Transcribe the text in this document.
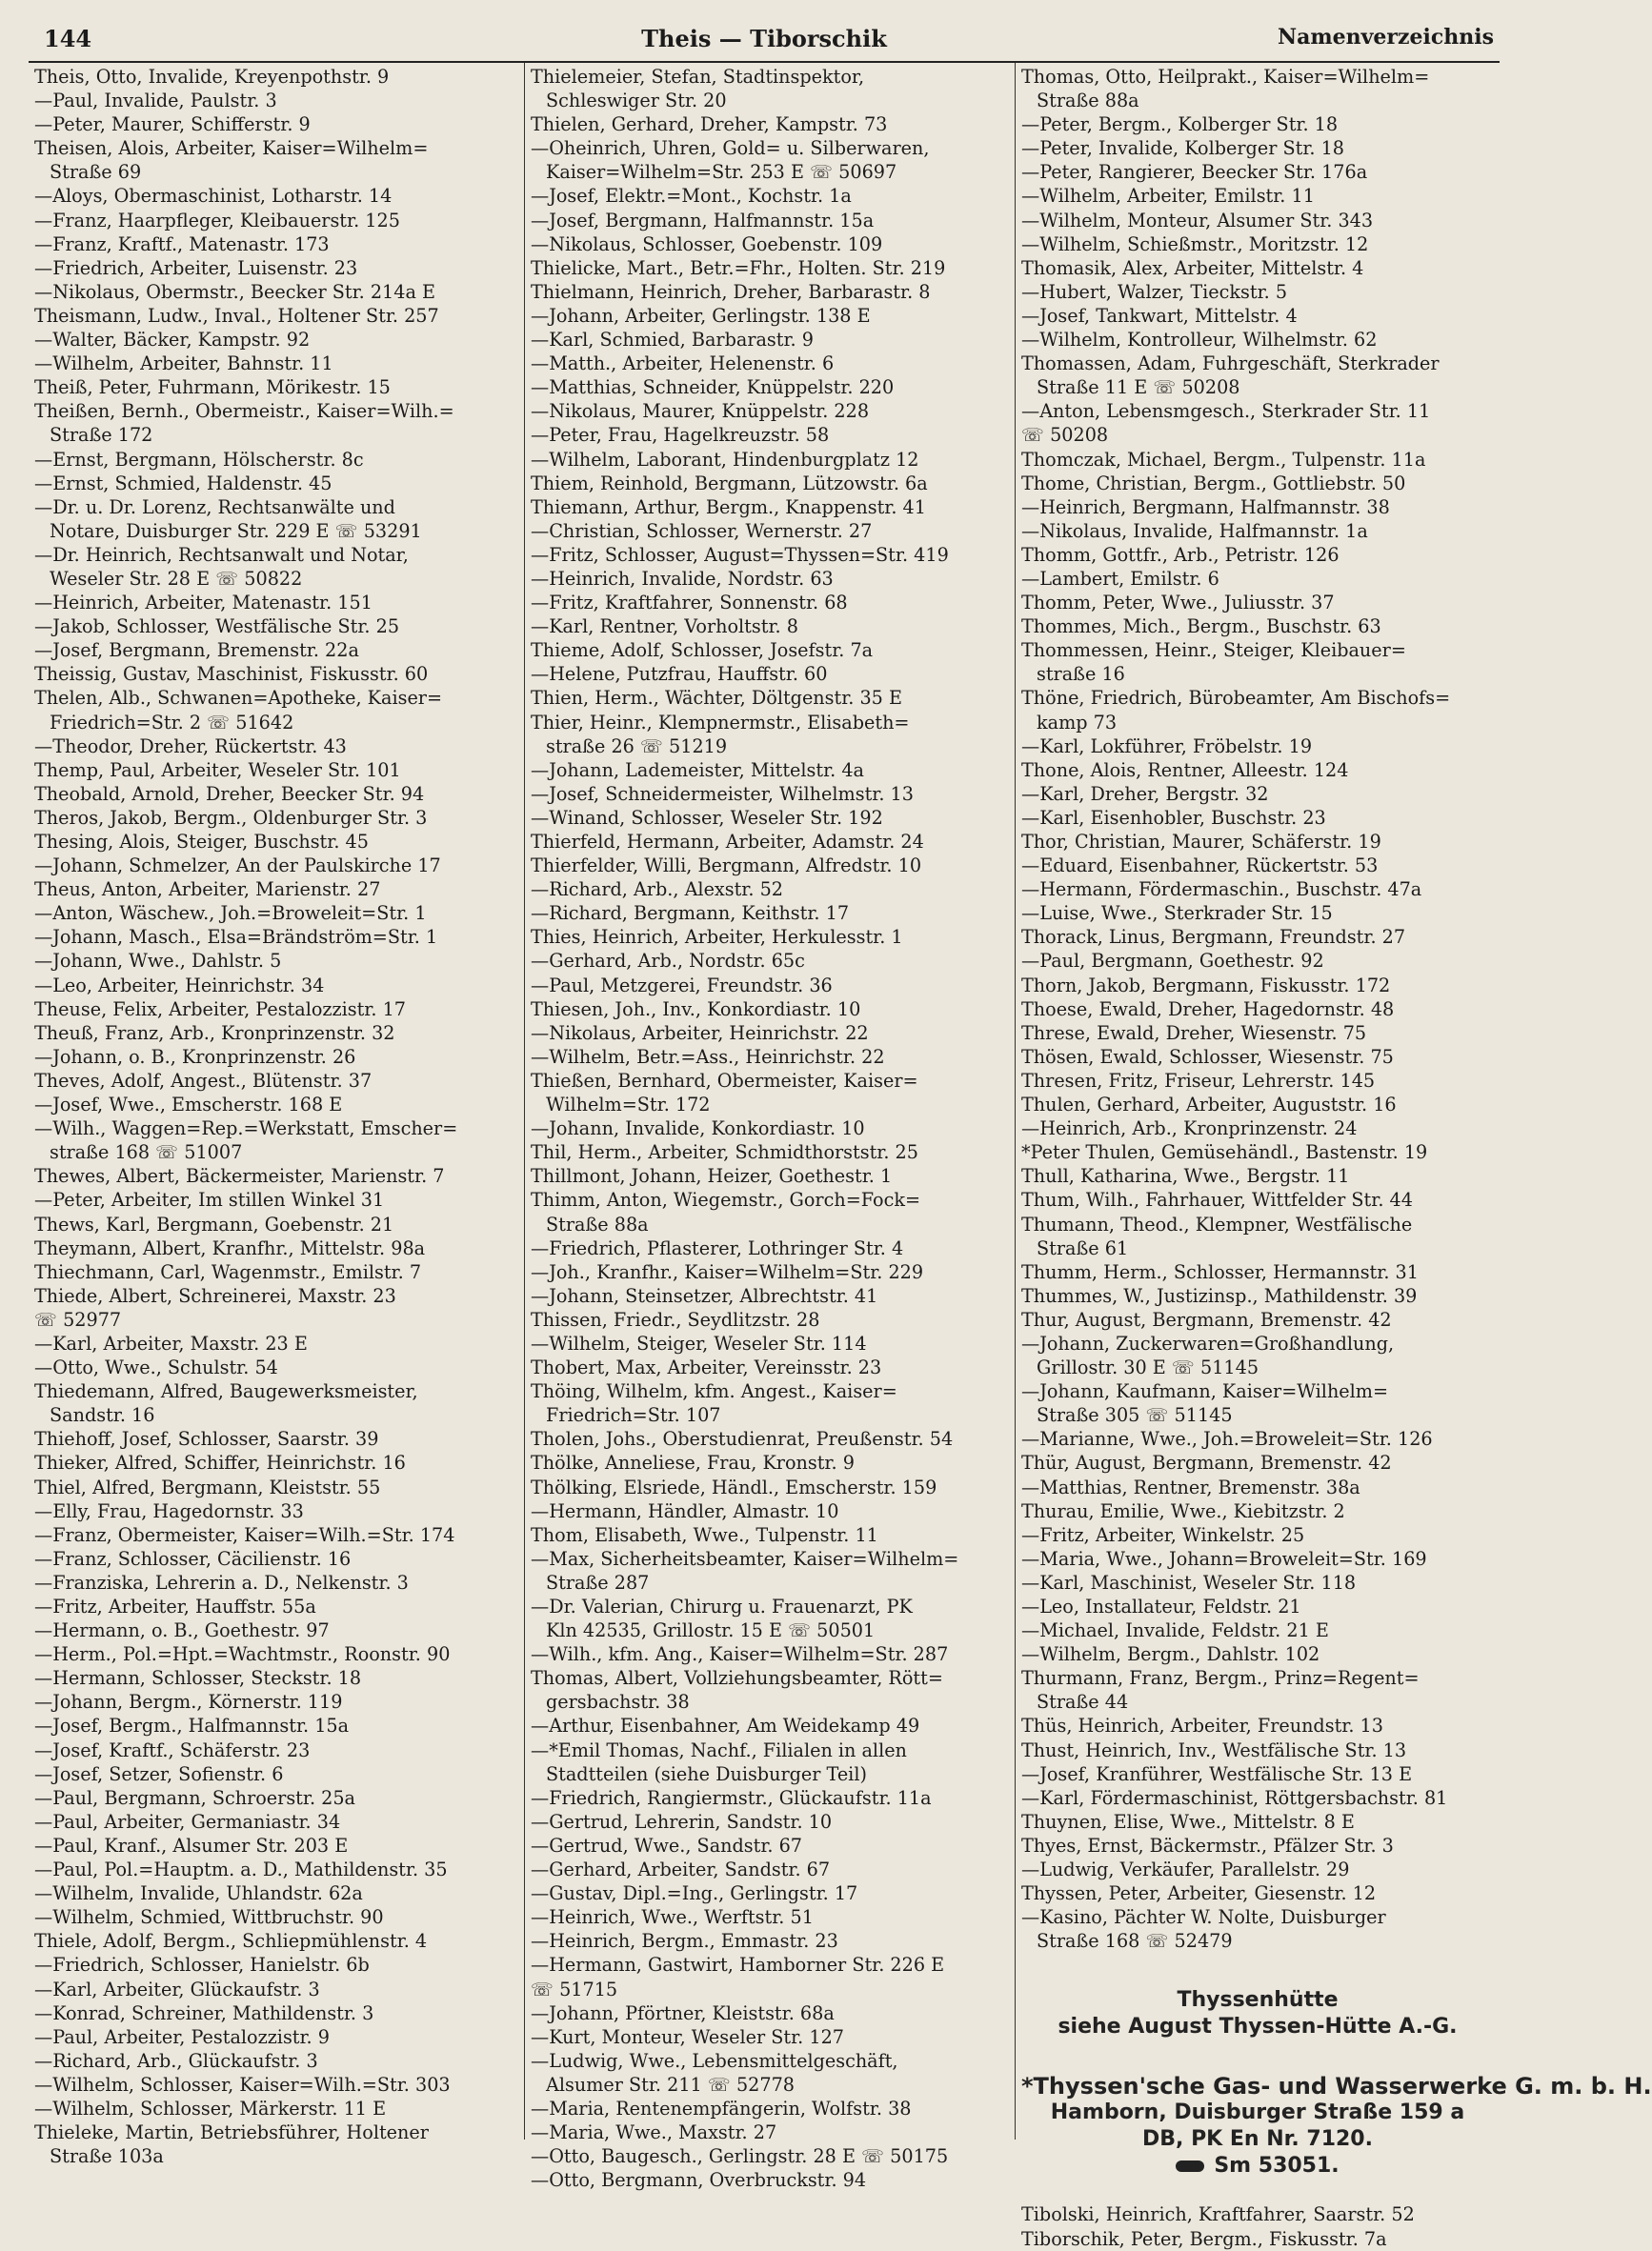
144	Theis — Tiborschik	Namenverzeichnis
Theis, Otto, Invalide, Kreyenpothstr. 9
—Paul, Invalide, Paulstr. 3
—Peter, Maurer, Schifferstr. 9
Theisen, Alois, Arbeiter, Kaiser=Wilhelm=
Straße 69
—Aloys, Obermaschinist, Lotharstr. 14
—Franz, Haarpfleger, Kleibauerstr. 125
—Franz, Kraftf., Matenastr. 173
—Friedrich, Arbeiter, Luisenstr. 23
—Nikolaus, Obermstr., Beecker Str. 214a E
Theismann, Ludw., Inval., Holtener Str. 257
—Walter, Bäcker, Kampstr. 92
—Wilhelm, Arbeiter, Bahnstr. 11
Theiß, Peter, Fuhrmann, Mörikestr. 15
Theißen, Bernh., Obermeistr., Kaiser=Wilh.=
Straße 172
—Ernst, Bergmann, Hölscherstr. 8c
—Ernst, Schmied, Haldenstr. 45
—Dr. u. Dr. Lorenz, Rechtsanwälte und
Notare, Duisburger Str. 229 E ☏ 53291
—Dr. Heinrich, Rechtsanwalt und Notar,
Weseler Str. 28 E ☏ 50822
—Heinrich, Arbeiter, Matenastr. 151
—Jakob, Schlosser, Westfälische Str. 25
—Josef, Bergmann, Bremenstr. 22a
Theissig, Gustav, Maschinist, Fiskusstr. 60
Thelen, Alb., Schwanen=Apotheke, Kaiser=
Friedrich=Str. 2 ☏ 51642
—Theodor, Dreher, Rückertstr. 43
Themp, Paul, Arbeiter, Weseler Str. 101
Theobald, Arnold, Dreher, Beecker Str. 94
Theros, Jakob, Bergm., Oldenburger Str. 3
Thesing, Alois, Steiger, Buschstr. 45
—Johann, Schmelzer, An der Paulskirche 17
Theus, Anton, Arbeiter, Marienstr. 27
—Anton, Wäschew., Joh.=Broweleit=Str. 1
—Johann, Masch., Elsa=Brändström=Str. 1
—Johann, Wwe., Dahlstr. 5
—Leo, Arbeiter, Heinrichstr. 34
Theuse, Felix, Arbeiter, Pestalozzistr. 17
Theuß, Franz, Arb., Kronprinzenstr. 32
—Johann, o. B., Kronprinzenstr. 26
Theves, Adolf, Angest., Blütenstr. 37
—Josef, Wwe., Emscherstr. 168 E
—Wilh., Waggen=Rep.=Werkstatt, Emscher=
straße 168 ☏ 51007
Thewes, Albert, Bäckermeister, Marienstr. 7
—Peter, Arbeiter, Im stillen Winkel 31
Thews, Karl, Bergmann, Goebenstr. 21
Theymann, Albert, Kranfhr., Mittelstr. 98a
Thiechmann, Carl, Wagenmstr., Emilstr. 7
Thiede, Albert, Schreinerei, Maxstr. 23
☏ 52977
—Karl, Arbeiter, Maxstr. 23 E
—Otto, Wwe., Schulstr. 54
Thiedemann, Alfred, Baugewerksmeister,
Sandstr. 16
Thiehoff, Josef, Schlosser, Saarstr. 39
Thieker, Alfred, Schiffer, Heinrichstr. 16
Thiel, Alfred, Bergmann, Kleiststr. 55
—Elly, Frau, Hagedornstr. 33
—Franz, Obermeister, Kaiser=Wilh.=Str. 174
—Franz, Schlosser, Cäcilienstr. 16
—Franziska, Lehrerin a. D., Nelkenstr. 3
—Fritz, Arbeiter, Hauffstr. 55a
—Hermann, o. B., Goethestr. 97
—Herm., Pol.=Hpt.=Wachtmstr., Roonstr. 90
—Hermann, Schlosser, Steckstr. 18
—Johann, Bergm., Körnerstr. 119
—Josef, Bergm., Halfmannstr. 15a
—Josef, Kraftf., Schäferstr. 23
—Josef, Setzer, Sofienstr. 6
—Paul, Bergmann, Schroerstr. 25a
—Paul, Arbeiter, Germaniastr. 34
—Paul, Kranf., Alsumer Str. 203 E
—Paul, Pol.=Hauptm. a. D., Mathildenstr. 35
—Wilhelm, Invalide, Uhlandstr. 62a
—Wilhelm, Schmied, Wittbruchstr. 90
Thiele, Adolf, Bergm., Schliepmühlenstr. 4
—Friedrich, Schlosser, Hanielstr. 6b
—Karl, Arbeiter, Glückaufstr. 3
—Konrad, Schreiner, Mathildenstr. 3
—Paul, Arbeiter, Pestalozzistr. 9
—Richard, Arb., Glückaufstr. 3
—Wilhelm, Schlosser, Kaiser=Wilh.=Str. 303
—Wilhelm, Schlosser, Märkerstr. 11 E
Thieleke, Martin, Betriebsführer, Holtener
Straße 103a
Thielemeier, Stefan, Stadtinspektor,
Schleswiger Str. 20
Thielen, Gerhard, Dreher, Kampstr. 73
—Oheinrich, Uhren, Gold= u. Silberwaren,
Kaiser=Wilhelm=Str. 253 E ☏ 50697
—Josef, Elektr.=Mont., Kochstr. 1a
—Josef, Bergmann, Halfmannstr. 15a
—Nikolaus, Schlosser, Goebenstr. 109
Thielicke, Mart., Betr.=Fhr., Holten. Str. 219
Thielmann, Heinrich, Dreher, Barbarastr. 8
—Johann, Arbeiter, Gerlingstr. 138 E
—Karl, Schmied, Barbarastr. 9
—Matth., Arbeiter, Helenenstr. 6
—Matthias, Schneider, Knüppelstr. 220
—Nikolaus, Maurer, Knüppelstr. 228
—Peter, Frau, Hagelkreuzstr. 58
—Wilhelm, Laborant, Hindenburgplatz 12
Thiem, Reinhold, Bergmann, Lützowstr. 6a
Thiemann, Arthur, Bergm., Knappenstr. 41
—Christian, Schlosser, Wernerstr. 27
—Fritz, Schlosser, August=Thyssen=Str. 419
—Heinrich, Invalide, Nordstr. 63
—Fritz, Kraftfahrer, Sonnenstr. 68
—Karl, Rentner, Vorholtstr. 8
Thieme, Adolf, Schlosser, Josefstr. 7a
—Helene, Putzfrau, Hauffstr. 60
Thien, Herm., Wächter, Döltgenstr. 35 E
Thier, Heinr., Klempnermstr., Elisabeth=
straße 26 ☏ 51219
—Johann, Lademeister, Mittelstr. 4a
—Josef, Schneidermeister, Wilhelmstr. 13
—Winand, Schlosser, Weseler Str. 192
Thierfeld, Hermann, Arbeiter, Adamstr. 24
Thierfelder, Willi, Bergmann, Alfredstr. 10
—Richard, Arb., Alexstr. 52
—Richard, Bergmann, Keithstr. 17
Thies, Heinrich, Arbeiter, Herkulesstr. 1
—Gerhard, Arb., Nordstr. 65c
—Paul, Metzgerei, Freundstr. 36
Thiesen, Joh., Inv., Konkordiastr. 10
—Nikolaus, Arbeiter, Heinrichstr. 22
—Wilhelm, Betr.=Ass., Heinrichstr. 22
Thießen, Bernhard, Obermeister, Kaiser=
Wilhelm=Str. 172
—Johann, Invalide, Konkordiastr. 10
Thil, Herm., Arbeiter, Schmidthorststr. 25
Thillmont, Johann, Heizer, Goethestr. 1
Thimm, Anton, Wiegemstr., Gorch=Fock=
Straße 88a
—Friedrich, Pflasterer, Lothringer Str. 4
—Joh., Kranfhr., Kaiser=Wilhelm=Str. 229
—Johann, Steinsetzer, Albrechtstr. 41
Thissen, Friedr., Seydlitzstr. 28
—Wilhelm, Steiger, Weseler Str. 114
Thobert, Max, Arbeiter, Vereinsstr. 23
Thöing, Wilhelm, kfm. Angest., Kaiser=
Friedrich=Str. 107
Tholen, Johs., Oberstudienrat, Preußenstr. 54
Thölke, Anneliese, Frau, Kronstr. 9
Thölking, Elsriede, Händl., Emscherstr. 159
—Hermann, Händler, Almastr. 10
Thom, Elisabeth, Wwe., Tulpenstr. 11
—Max, Sicherheitsbeamter, Kaiser=Wilhelm=
Straße 287
—Dr. Valerian, Chirurg u. Frauenarzt, PK
Kln 42535, Grillostr. 15 E ☏ 50501
—Wilh., kfm. Ang., Kaiser=Wilhelm=Str. 287
Thomas, Albert, Vollziehungsbeamter, Rött=
gersbachstr. 38
—Arthur, Eisenbahner, Am Weidekamp 49
—*Emil Thomas, Nachf., Filialen in allen
Stadtteilen (siehe Duisburger Teil)
—Friedrich, Rangiermstr., Glückaufstr. 11a
—Gertrud, Lehrerin, Sandstr. 10
—Gertrud, Wwe., Sandstr. 67
—Gerhard, Arbeiter, Sandstr. 67
—Gustav, Dipl.=Ing., Gerlingstr. 17
—Heinrich, Wwe., Werftstr. 51
—Heinrich, Bergm., Emmastr. 23
—Hermann, Gastwirt, Hamborner Str. 226 E
☏ 51715
—Johann, Pförtner, Kleiststr. 68a
—Kurt, Monteur, Weseler Str. 127
—Ludwig, Wwe., Lebensmittelgeschäft,
Alsumer Str. 211 ☏ 52778
—Maria, Rentenempfängerin, Wolfstr. 38
—Maria, Wwe., Maxstr. 27
—Otto, Baugesch., Gerlingstr. 28 E ☏ 50175
—Otto, Bergmann, Overbruckstr. 94
Thomas, Otto, Heilprakt., Kaiser=Wilhelm=
Straße 88a
—Peter, Bergm., Kolberger Str. 18
—Peter, Invalide, Kolberger Str. 18
—Peter, Rangierer, Beecker Str. 176a
—Wilhelm, Arbeiter, Emilstr. 11
—Wilhelm, Monteur, Alsumer Str. 343
—Wilhelm, Schießmstr., Moritzstr. 12
Thomasik, Alex, Arbeiter, Mittelstr. 4
—Hubert, Walzer, Tieckstr. 5
—Josef, Tankwart, Mittelstr. 4
—Wilhelm, Kontrolleur, Wilhelmstr. 62
Thomassen, Adam, Fuhrgeschäft, Sterkrader
Straße 11 E ☏ 50208
—Anton, Lebensmgesch., Sterkrader Str. 11
☏ 50208
Thomczak, Michael, Bergm., Tulpenstr. 11a
Thome, Christian, Bergm., Gottliebstr. 50
—Heinrich, Bergmann, Halfmannstr. 38
—Nikolaus, Invalide, Halfmannstr. 1a
Thomm, Gottfr., Arb., Petristr. 126
—Lambert, Emilstr. 6
Thomm, Peter, Wwe., Juliusstr. 37
Thommes, Mich., Bergm., Buschstr. 63
Thommessen, Heinr., Steiger, Kleibauer=
straße 16
Thöne, Friedrich, Bürobeamter, Am Bischofs=
kamp 73
—Karl, Lokführer, Fröbelstr. 19
Thone, Alois, Rentner, Alleestr. 124
—Karl, Dreher, Bergstr. 32
—Karl, Eisenhobler, Buschstr. 23
Thor, Christian, Maurer, Schäferstr. 19
—Eduard, Eisenbahner, Rückertstr. 53
—Hermann, Fördermaschin., Buschstr. 47a
—Luise, Wwe., Sterkrader Str. 15
Thorack, Linus, Bergmann, Freundstr. 27
—Paul, Bergmann, Goethestr. 92
Thorn, Jakob, Bergmann, Fiskusstr. 172
Thoese, Ewald, Dreher, Hagedornstr. 48
Threse, Ewald, Dreher, Wiesenstr. 75
Thösen, Ewald, Schlosser, Wiesenstr. 75
Thresen, Fritz, Friseur, Lehrerstr. 145
Thulen, Gerhard, Arbeiter, Auguststr. 16
—Heinrich, Arb., Kronprinzenstr. 24
*Peter Thulen, Gemüsehändl., Bastenstr. 19
Thull, Katharina, Wwe., Bergstr. 11
Thum, Wilh., Fahrhauer, Wittfelder Str. 44
Thumann, Theod., Klempner, Westfälische
Straße 61
Thumm, Herm., Schlosser, Hermannstr. 31
Thummes, W., Justizinsp., Mathildenstr. 39
Thur, August, Bergmann, Bremenstr. 42
—Johann, Zuckerwaren=Großhandlung,
Grillostr. 30 E ☏ 51145
—Johann, Kaufmann, Kaiser=Wilhelm=
Straße 305 ☏ 51145
—Marianne, Wwe., Joh.=Broweleit=Str. 126
Thür, August, Bergmann, Bremenstr. 42
—Matthias, Rentner, Bremenstr. 38a
Thurau, Emilie, Wwe., Kiebitzstr. 2
—Fritz, Arbeiter, Winkelstr. 25
—Maria, Wwe., Johann=Broweleit=Str. 169
—Karl, Maschinist, Weseler Str. 118
—Leo, Installateur, Feldstr. 21
—Michael, Invalide, Feldstr. 21 E
—Wilhelm, Bergm., Dahlstr. 102
Thurmann, Franz, Bergm., Prinz=Regent=
Straße 44
Thüs, Heinrich, Arbeiter, Freundstr. 13
Thust, Heinrich, Inv., Westfälische Str. 13
—Josef, Kranführer, Westfälische Str. 13 E
—Karl, Fördermaschinist, Röttgersbachstr. 81
Thuynen, Elise, Wwe., Mittelstr. 8 E
Thyes, Ernst, Bäckermstr., Pfälzer Str. 3
—Ludwig, Verkäufer, Parallelstr. 29
Thyssen, Peter, Arbeiter, Giesenstr. 12
—Kasino, Pächter W. Nolte, Duisburger
Straße 168 ☏ 52479
Thyssenhütte
siehe August Thyssen-Hütte A.-G.
*Thyssen'sche Gas- und Wasserwerke G. m. b. H.
Hamborn, Duisburger Straße 159 a
DB, PK En Nr. 7120.
Sm 53051.
Tibolski, Heinrich, Kraftfahrer, Saarstr. 52
Tiborschik, Peter, Bergm., Fiskusstr. 7a
